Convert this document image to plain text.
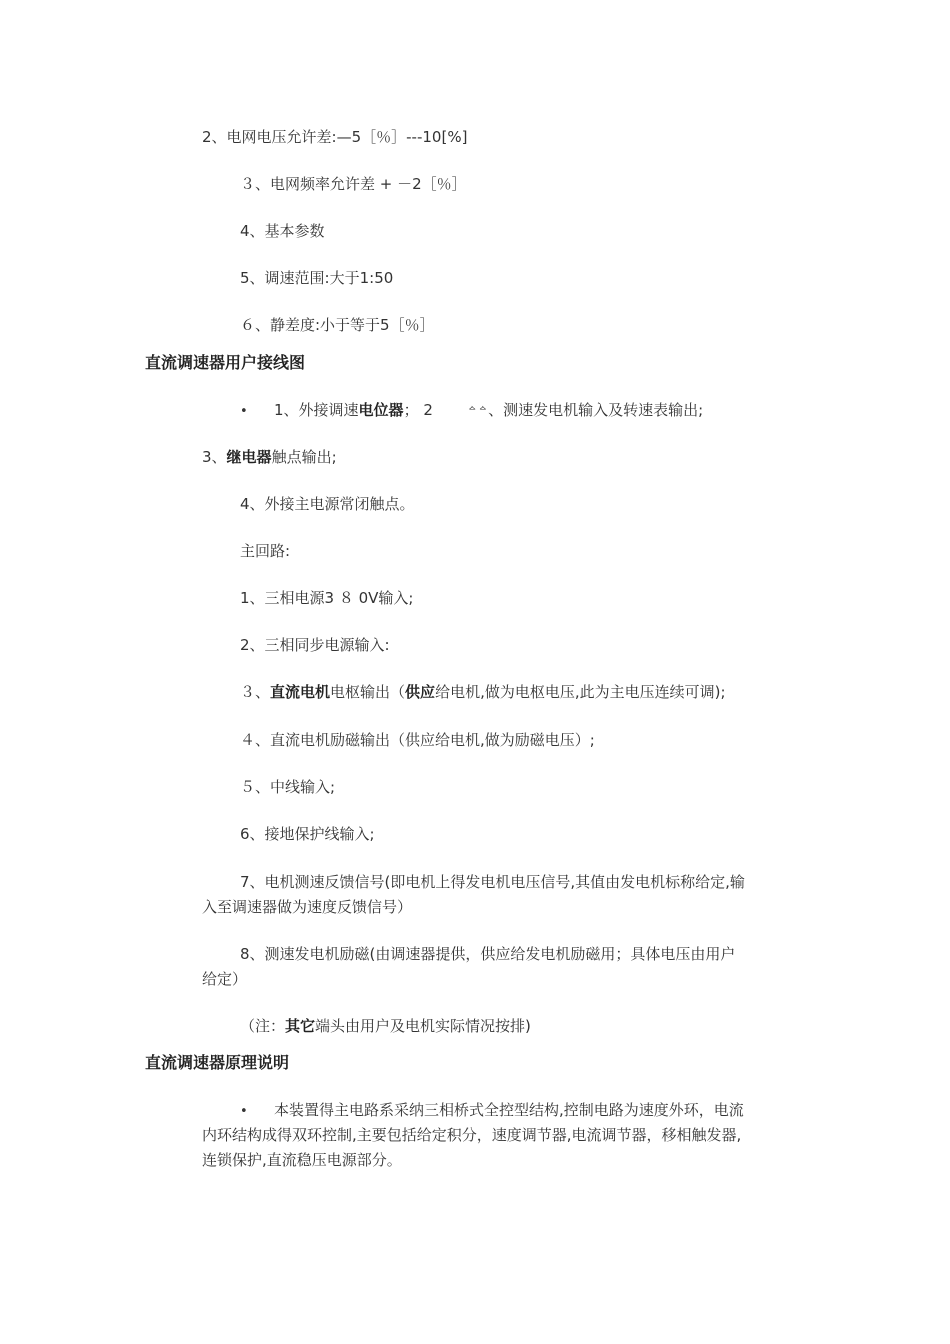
2、电网电压允许差:—5［％］---10[%]
３、电网频率允许差 + －2［％］
4、基本参数
5、调速范围:大于1:50
６、静差度:小于等于5［％］
直流调速器用户接线图
• 1、外接调速电位器； 2	ᅀᅀ、测速发电机输入及转速表输出;
3、继电器触点输出;
4、外接主电源常闭触点。
主回路:
1、三相电源3 ８ 0V输入;
2、三相同步电源输入:
３、直流电机电枢输出（供应给电机,做为电枢电压,此为主电压连续可调);
４、直流电机励磁输出（供应给电机,做为励磁电压）;
５、中线输入;
6、接地保护线输入;
7、电机测速反馈信号(即电机上得发电机电压信号,其值由发电机标称给定,输
入至调速器做为速度反馈信号）
8、测速发电机励磁(由调速器提供，供应给发电机励磁用；具体电压由用户
给定）
（注：其它端头由用户及电机实际情况按排)
直流调速器原理说明
• 本装置得主电路系采纳三相桥式全控型结构,控制电路为速度外环，电流
内环结构成得双环控制,主要包括给定积分，速度调节器,电流调节器，移相触发器,
连锁保护,直流稳压电源部分。
